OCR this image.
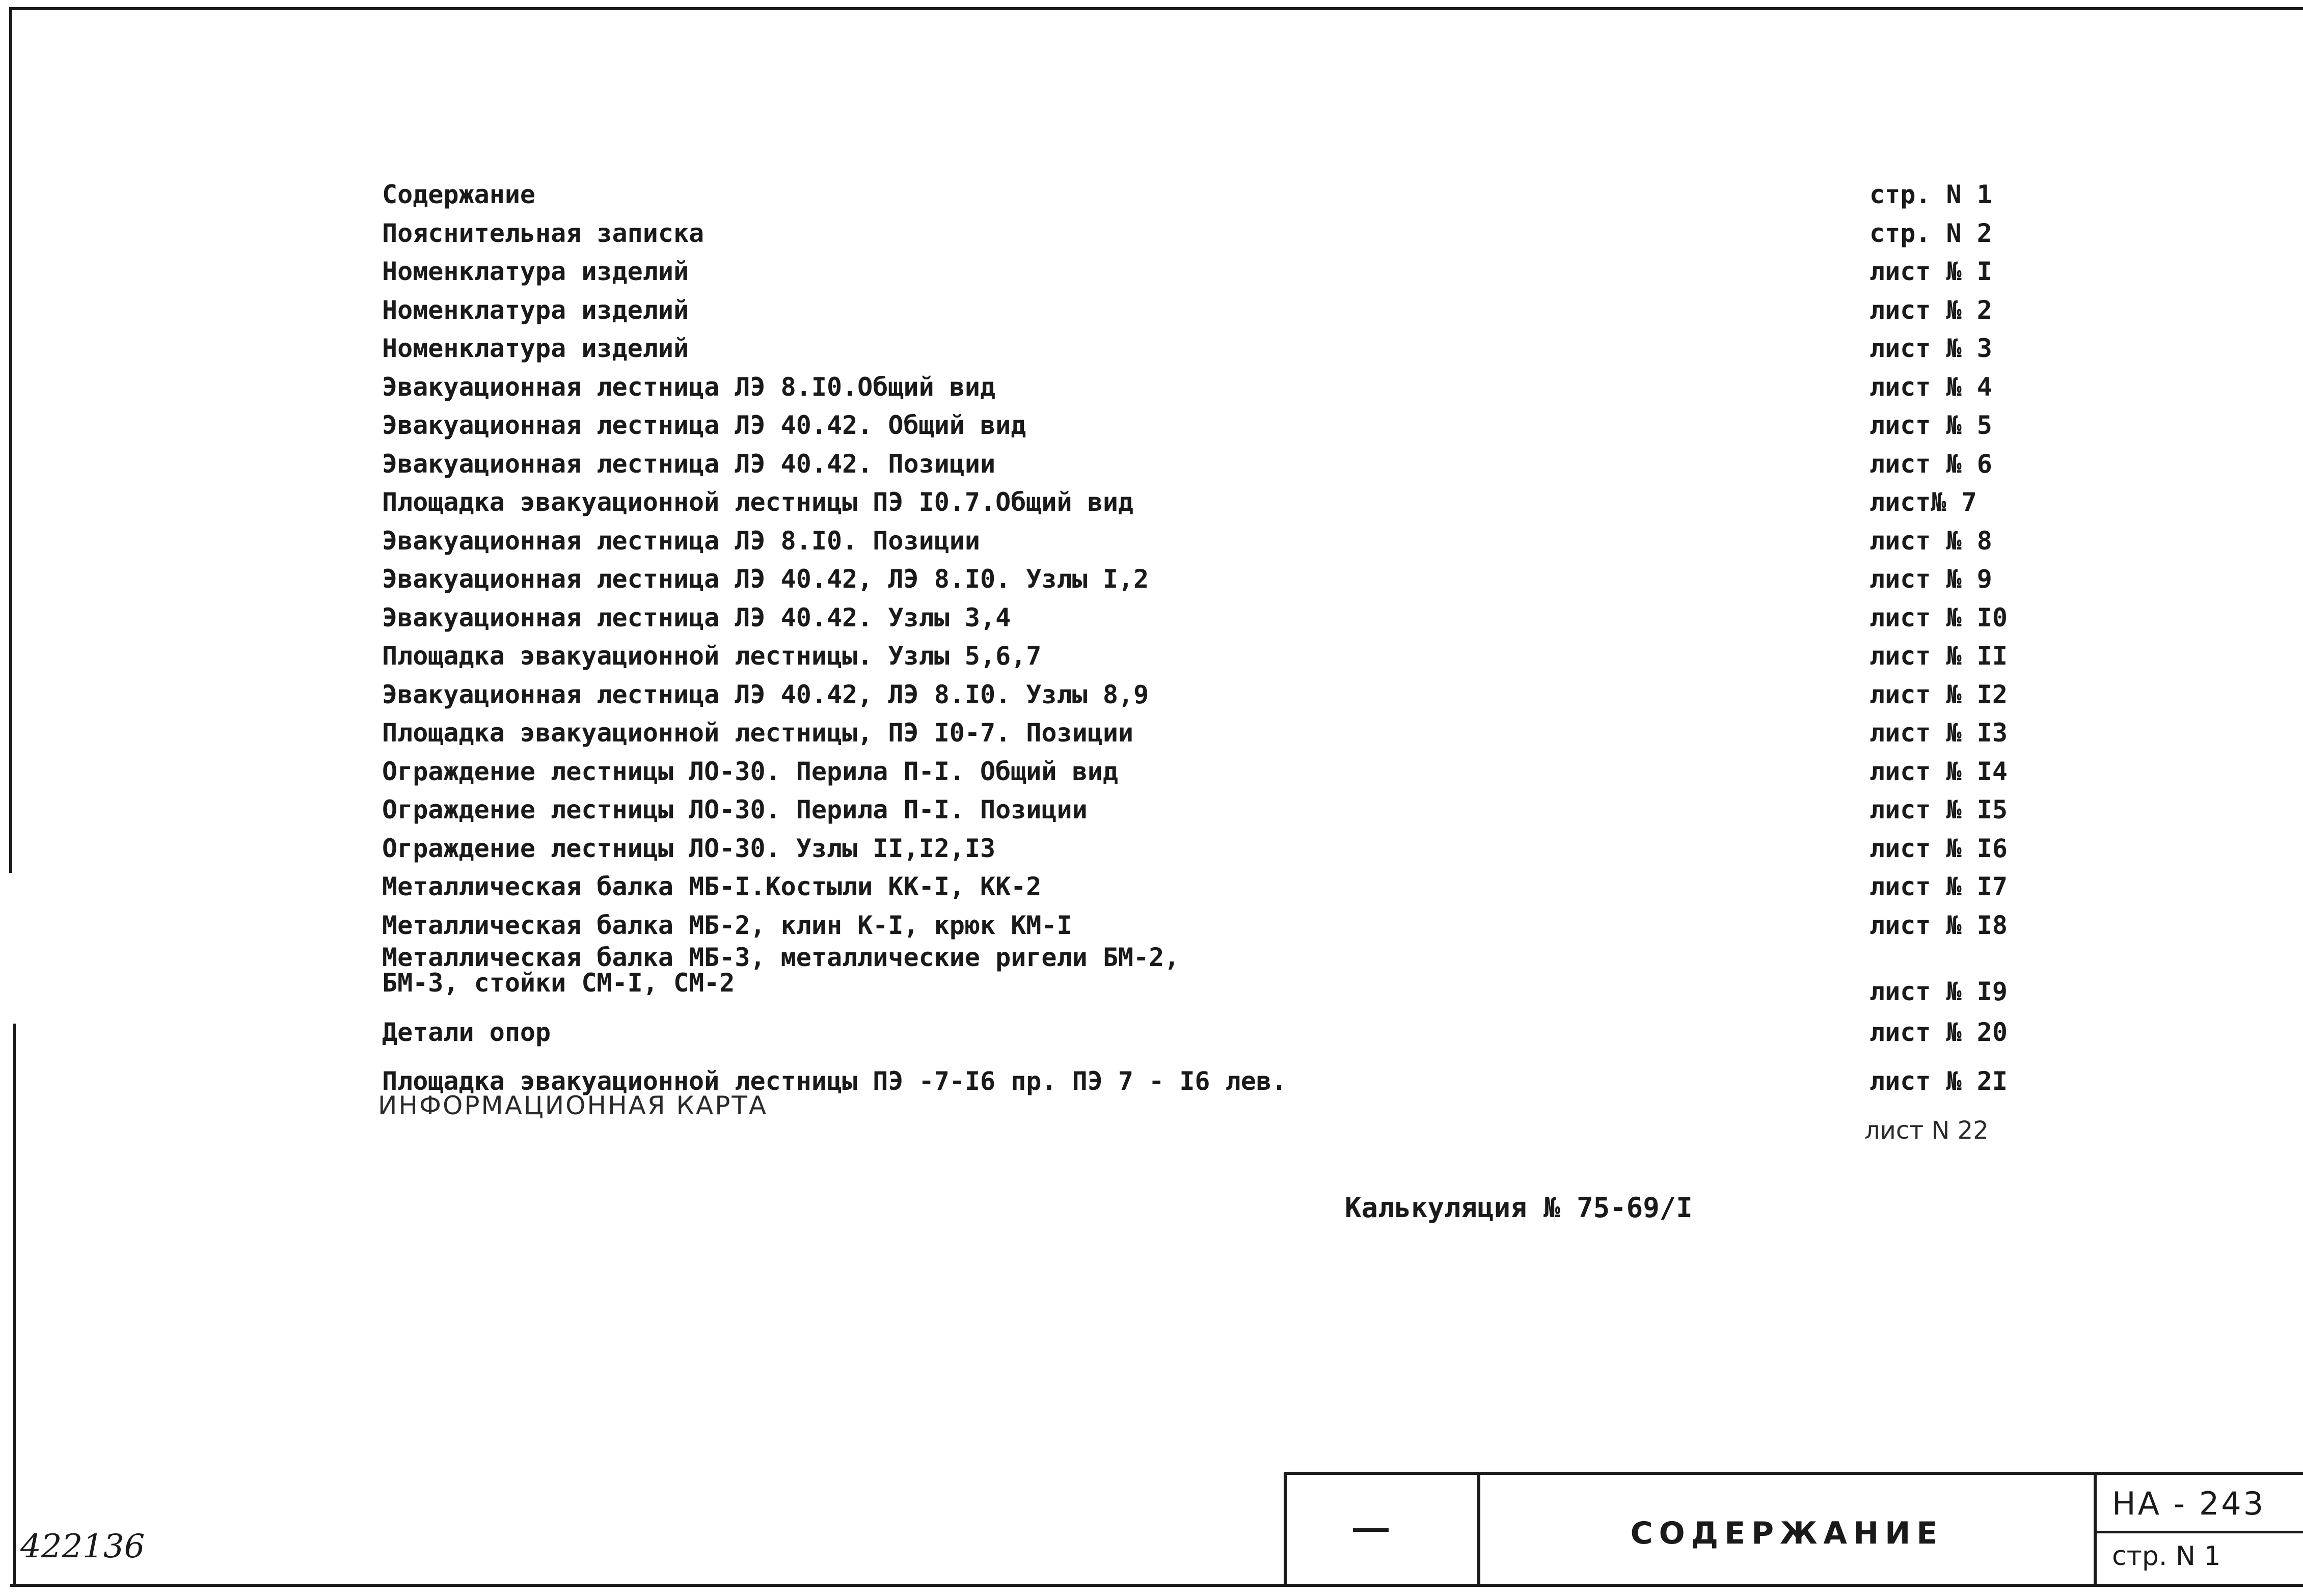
Содержание	стр. N 1
Пояснительная записка	стр. N 2
Номенклатура изделий	лист № I
Номенклатура изделий	лист № 2
Номенклатура изделий	лист № 3
Эвакуационная лестница ЛЭ 8.I0.Общий вид	лист № 4
Эвакуационная лестница ЛЭ 40.42. Общий вид	лист № 5
Эвакуационная лестница ЛЭ 40.42. Позиции	лист № 6
Площадка эвакуационной лестницы ПЭ I0.7.Общий вид	лист№ 7
Эвакуационная лестница ЛЭ 8.I0. Позиции	лист № 8
Эвакуационная лестница ЛЭ 40.42, ЛЭ 8.I0. Узлы I,2	лист № 9
Эвакуационная лестница ЛЭ 40.42. Узлы 3,4	лист № I0
Площадка эвакуационной лестницы. Узлы 5,6,7	лист № II
Эвакуационная лестница ЛЭ 40.42, ЛЭ 8.I0. Узлы 8,9	лист № I2
Площадка эвакуационной лестницы, ПЭ I0-7. Позиции	лист № I3
Ограждение лестницы ЛО-30. Перила П-I. Общий вид	лист № I4
Ограждение лестницы ЛО-30. Перила П-I. Позиции	лист № I5
Ограждение лестницы ЛО-30. Узлы II,I2,I3	лист № I6
Металлическая балка МБ-I.Костыли КК-I, КК-2	лист № I7
Металлическая балка МБ-2, клин К-I, крюк КМ-I	лист № I8
Металлическая балка МБ-3, металлические ригели БМ-2,
БМ-3, стойки СМ-I, СМ-2	лист № I9
Детали опор	лист № 20
Площадка эвакуационной лестницы ПЭ -7-I6 пр. ПЭ 7 - I6 лев.	лист № 2I
ИНФОРМАЦИОННАЯ КАРТА
лист N 22
Калькуляция № 75-69/I
422136	СОДЕРЖАНИЕ
НА - 243
стр. N 1
